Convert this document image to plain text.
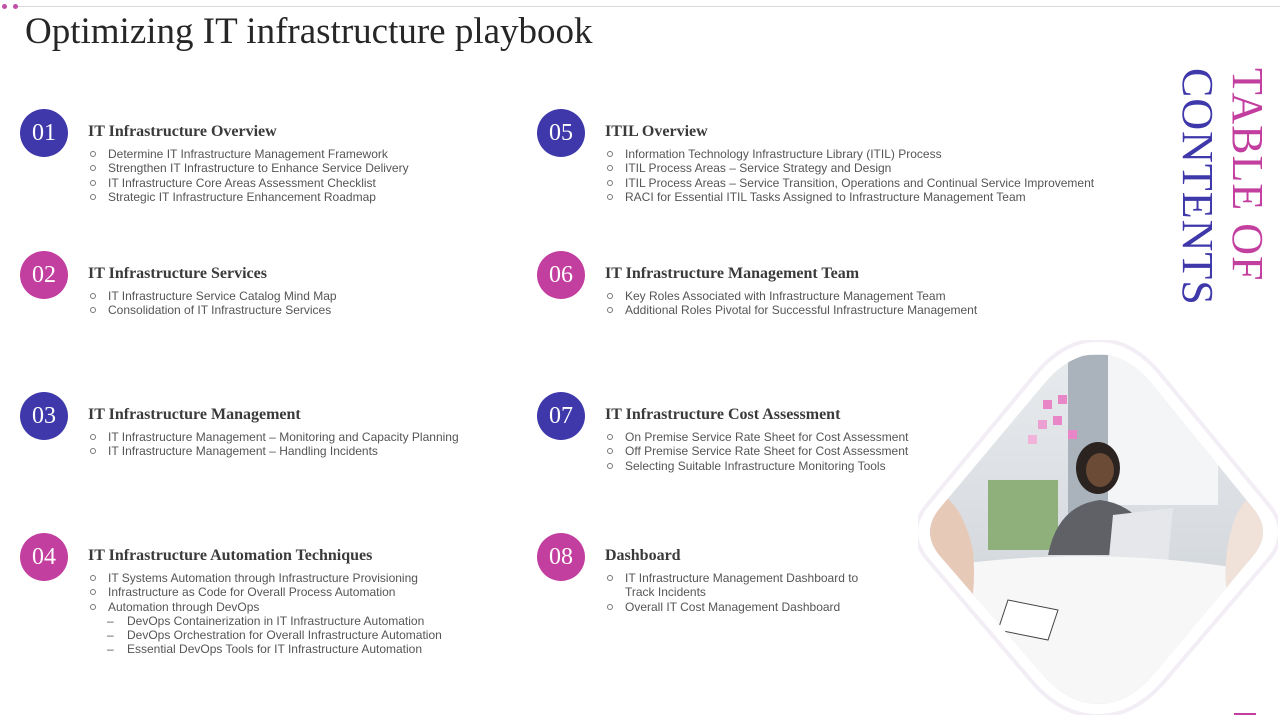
Optimizing IT infrastructure playbook
01	IT Infrastructure Overview
Determine IT Infrastructure Management Framework
Strengthen IT Infrastructure to Enhance Service Delivery
IT Infrastructure Core Areas Assessment Checklist
Strategic IT Infrastructure Enhancement Roadmap
02	IT Infrastructure Services
IT Infrastructure Service Catalog Mind Map
Consolidation of IT Infrastructure Services
03	IT Infrastructure Management
IT Infrastructure Management – Monitoring and Capacity Planning
IT Infrastructure Management – Handling Incidents
04	IT Infrastructure Automation Techniques
IT Systems Automation through Infrastructure Provisioning
Infrastructure as Code for Overall Process Automation
Automation through DevOps
– DevOps Containerization in IT Infrastructure Automation
– DevOps Orchestration for Overall Infrastructure Automation
– Essential DevOps Tools for IT Infrastructure Automation
05	ITIL Overview
Information Technology Infrastructure Library (ITIL) Process
ITIL Process Areas – Service Strategy and Design
ITIL Process Areas – Service Transition, Operations and Continual Service Improvement
RACI for Essential ITIL Tasks Assigned to Infrastructure Management Team
06	IT Infrastructure Management Team
Key Roles Associated with Infrastructure Management Team
Additional Roles Pivotal for Successful Infrastructure Management
07	IT Infrastructure Cost Assessment
On Premise Service Rate Sheet for Cost Assessment
Off Premise Service Rate Sheet for Cost Assessment
Selecting Suitable Infrastructure Monitoring Tools
08	Dashboard
IT Infrastructure Management Dashboard to
Track Incidents
Overall IT Cost Management Dashboard
TABLE OF
CONTENTS
